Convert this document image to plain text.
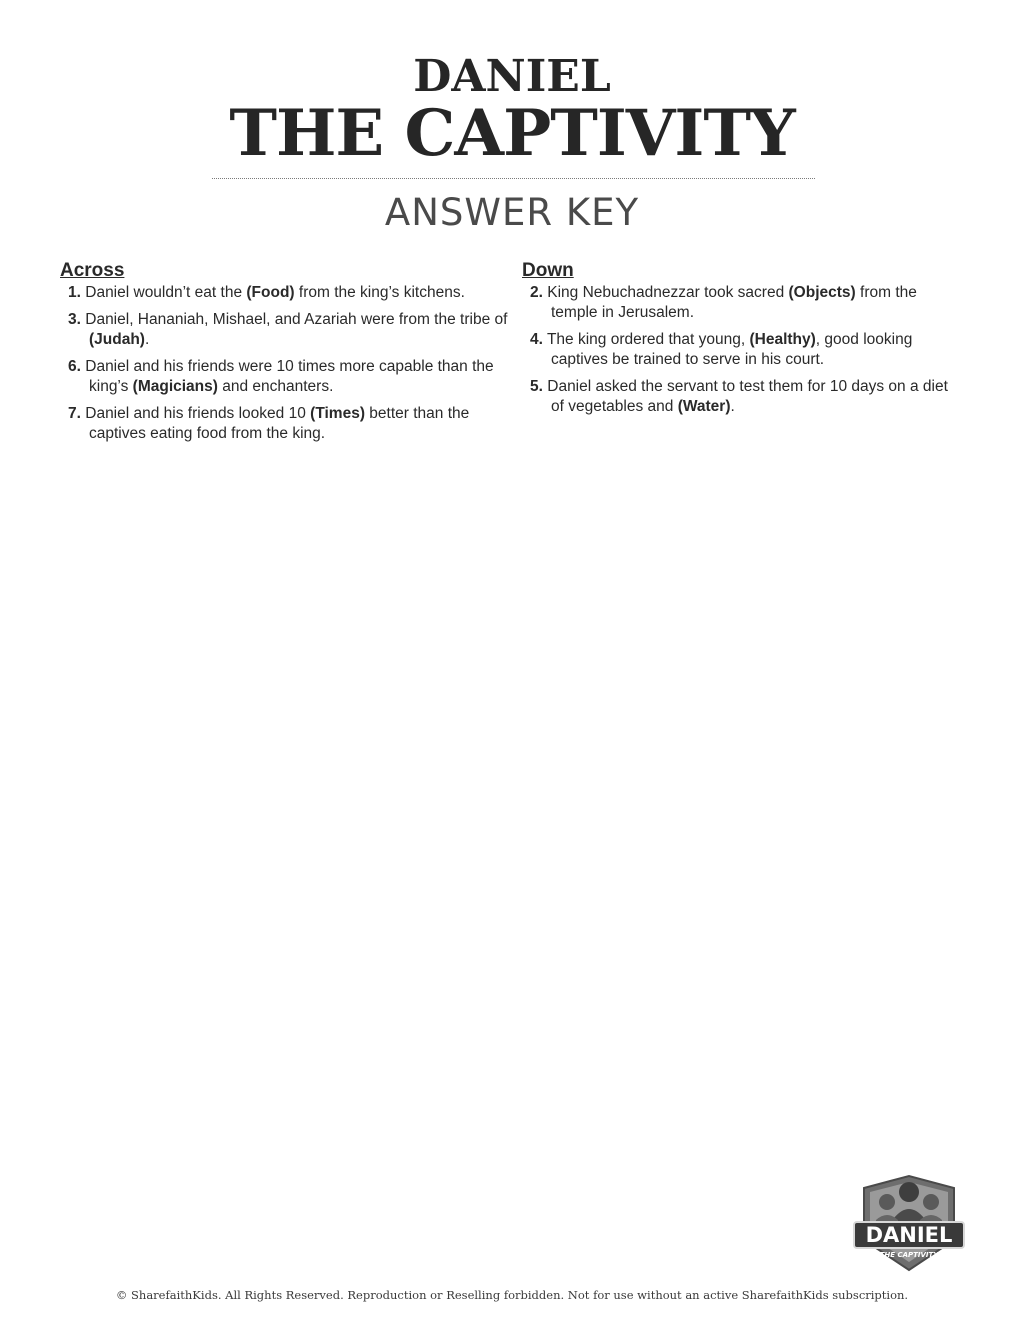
DANIEL
THE CAPTIVITY
ANSWER KEY
Across

1. Daniel wouldn’t eat the (Food) from the king’s kitchens.

3. Daniel, Hananiah, Mishael, and Azariah were from the tribe of (Judah).

6. Daniel and his friends were 10 times more capable than the king’s (Magicians) and enchanters.

7. Daniel and his friends looked 10 (Times) better than the captives eating food from the king.

Down

2. King Nebuchadnezzar took sacred (Objects) from the temple in Jerusalem.

4. The king ordered that young, (Healthy), good looking captives be trained to serve in his court.

5. Daniel asked the servant to test them for 10 days on a diet of vegetables and (Water).

DANIEL
THE CAPTIVITY
© SharefaithKids. All Rights Reserved. Reproduction or Reselling forbidden. Not for use without an active SharefaithKids subscription.
